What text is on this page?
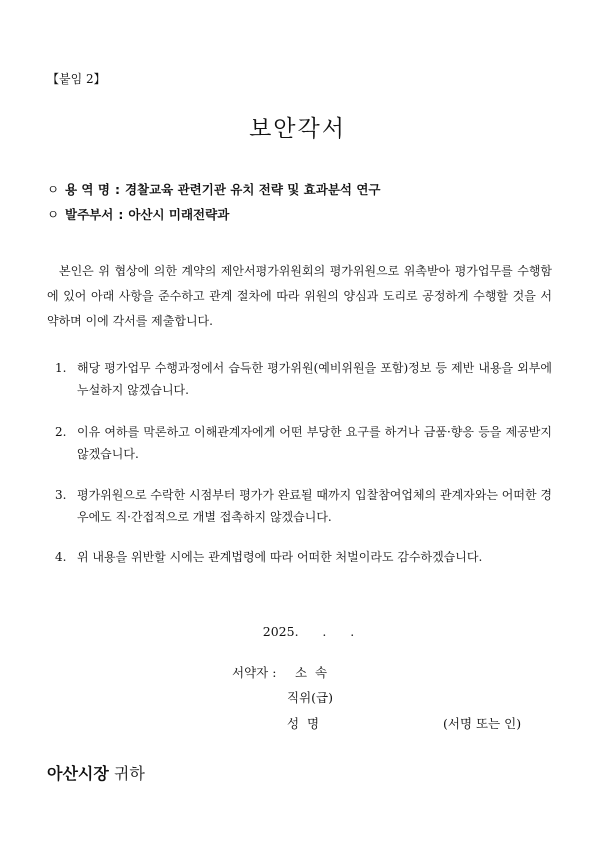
【붙임 2】
보안각서
ㅇ 용 역 명 : 경찰교육 관련기관 유치 전략 및 효과분석 연구
ㅇ 발주부서 : 아산시 미래전략과
본인은 위 협상에 의한 계약의 제안서평가위원회의 평가위원으로 위촉받아 평가업무를 수행함에 있어 아래 사항을 준수하고 관계 절차에 따라 위원의 양심과 도리로 공정하게 수행할 것을 서약하며 이에 각서를 제출합니다.
1. 해당 평가업무 수행과정에서 습득한 평가위원(예비위원을 포함)정보 등 제반 내용을 외부에 누설하지 않겠습니다.
2. 이유 여하를 막론하고 이해관계자에게 어떤 부당한 요구를 하거나 금품·향응 등을 제공받지 않겠습니다.
3. 평가위원으로 수락한 시점부터 평가가 완료될 때까지 입찰참여업체의 관계자와는 어떠한 경우에도 직·간접적으로 개별 접촉하지 않겠습니다.
4. 위 내용을 위반할 시에는 관계법령에 따라 어떠한 처벌이라도 감수하겠습니다.
2025.      .      .
서약자 : 소  속
직위(급)
성  명	(서명 또는 인)
아산시장 귀하
